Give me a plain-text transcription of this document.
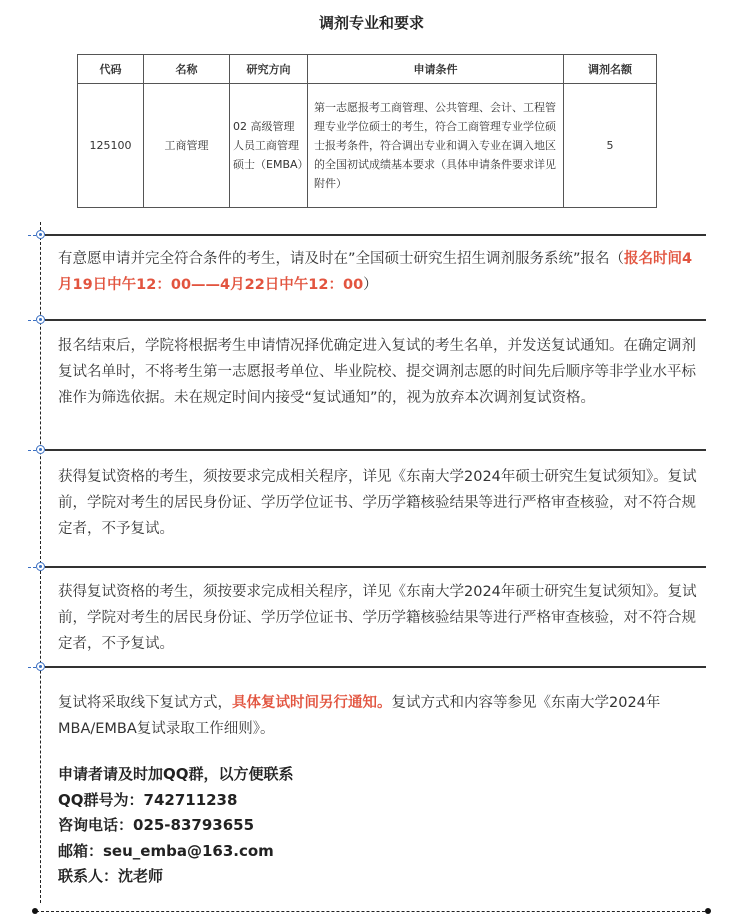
调剂专业和要求
代码	名称	研究方向	申请条件	调剂名额
125100	工商管理	02 高级管理人员工商管理硕士（EMBA）	第一志愿报考工商管理、公共管理、会计、工程管理专业学位硕士的考生，符合工商管理专业学位硕士报考条件，符合调出专业和调入专业在调入地区的全国初试成绩基本要求（具体申请条件要求详见附件）	5
有意愿申请并完全符合条件的考生，请及时在”全国硕士研究生招生调剂服务系统”报名（报名时间4月19日中午12：00——4月22日中午12：00）
报名结束后，学院将根据考生申请情况择优确定进入复试的考生名单，并发送复试通知。在确定调剂复试名单时，不将考生第一志愿报考单位、毕业院校、提交调剂志愿的时间先后顺序等非学业水平标准作为筛选依据。未在规定时间内接受“复试通知”的，视为放弃本次调剂复试资格。
获得复试资格的考生，须按要求完成相关程序，详见《东南大学2024年硕士研究生复试须知》。复试前，学院对考生的居民身份证、学历学位证书、学历学籍核验结果等进行严格审查核验，对不符合规定者，不予复试。
获得复试资格的考生，须按要求完成相关程序，详见《东南大学2024年硕士研究生复试须知》。复试前，学院对考生的居民身份证、学历学位证书、学历学籍核验结果等进行严格审查核验，对不符合规定者，不予复试。
复试将采取线下复试方式，具体复试时间另行通知。复试方式和内容等参见《东南大学2024年MBA/EMBA复试录取工作细则》。
申请者请及时加QQ群，以方便联系
QQ群号为：742711238
咨询电话：025-83793655
邮箱：seu_emba@163.com
联系人：沈老师
